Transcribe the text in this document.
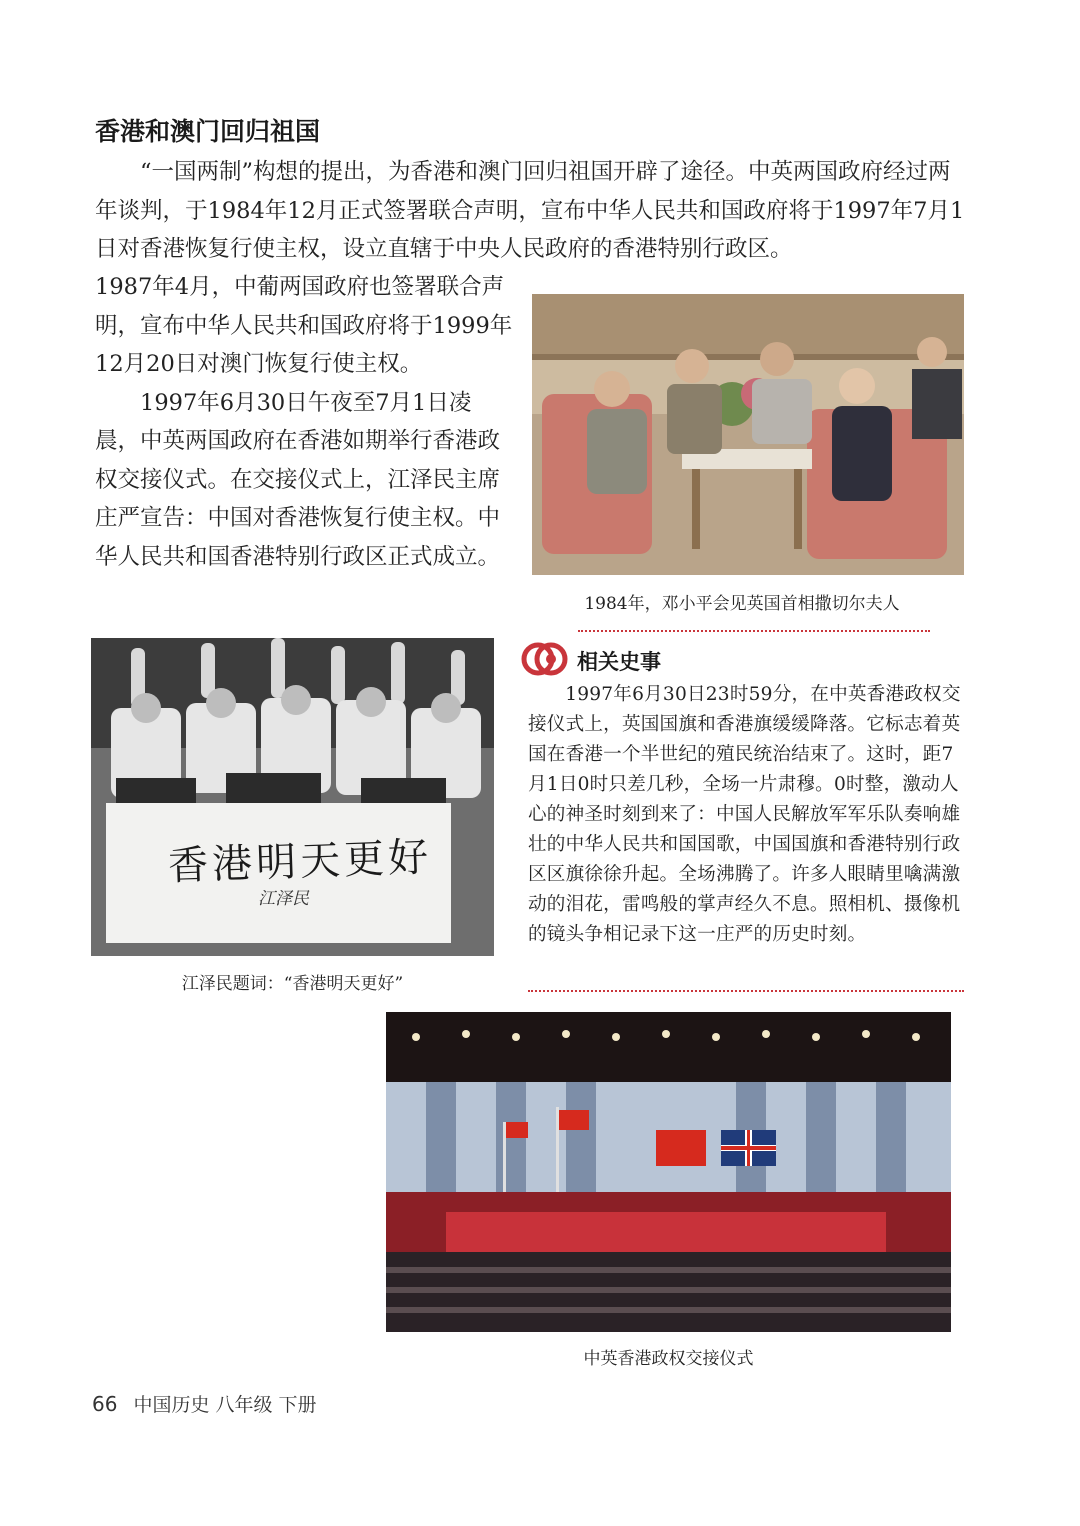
香港和澳门回归祖国

“一国两制”构想的提出，为香港和澳门回归祖国开辟了途径。中英两国政府经过两年谈判，于1984年12月正式签署联合声明，宣布中华人民共和国政府将于1997年7月1日对香港恢复行使主权，设立直辖于中央人民政府的香港特别行政区。

1987年4月，中葡两国政府也签署联合声明，宣布中华人民共和国政府将于1999年12月20日对澳门恢复行使主权。

1997年6月30日午夜至7月1日凌晨，中英两国政府在香港如期举行香港政权交接仪式。在交接仪式上，江泽民主席庄严宣告：中国对香港恢复行使主权。中华人民共和国香港特别行政区正式成立。

1984年，邓小平会见英国首相撒切尔夫人
香港明天更好
江泽民
江泽民题词：“香港明天更好”
相关史事

1997年6月30日23时59分，在中英香港政权交接仪式上，英国国旗和香港旗缓缓降落。它标志着英国在香港一个半世纪的殖民统治结束了。这时，距7月1日0时只差几秒，全场一片肃穆。0时整，激动人心的神圣时刻到来了：中国人民解放军军乐队奏响雄壮的中华人民共和国国歌，中国国旗和香港特别行政区区旗徐徐升起。全场沸腾了。许多人眼睛里噙满激动的泪花，雷鸣般的掌声经久不息。照相机、摄像机的镜头争相记录下这一庄严的历史时刻。

中英香港政权交接仪式
66 中国历史 八年级 下册
